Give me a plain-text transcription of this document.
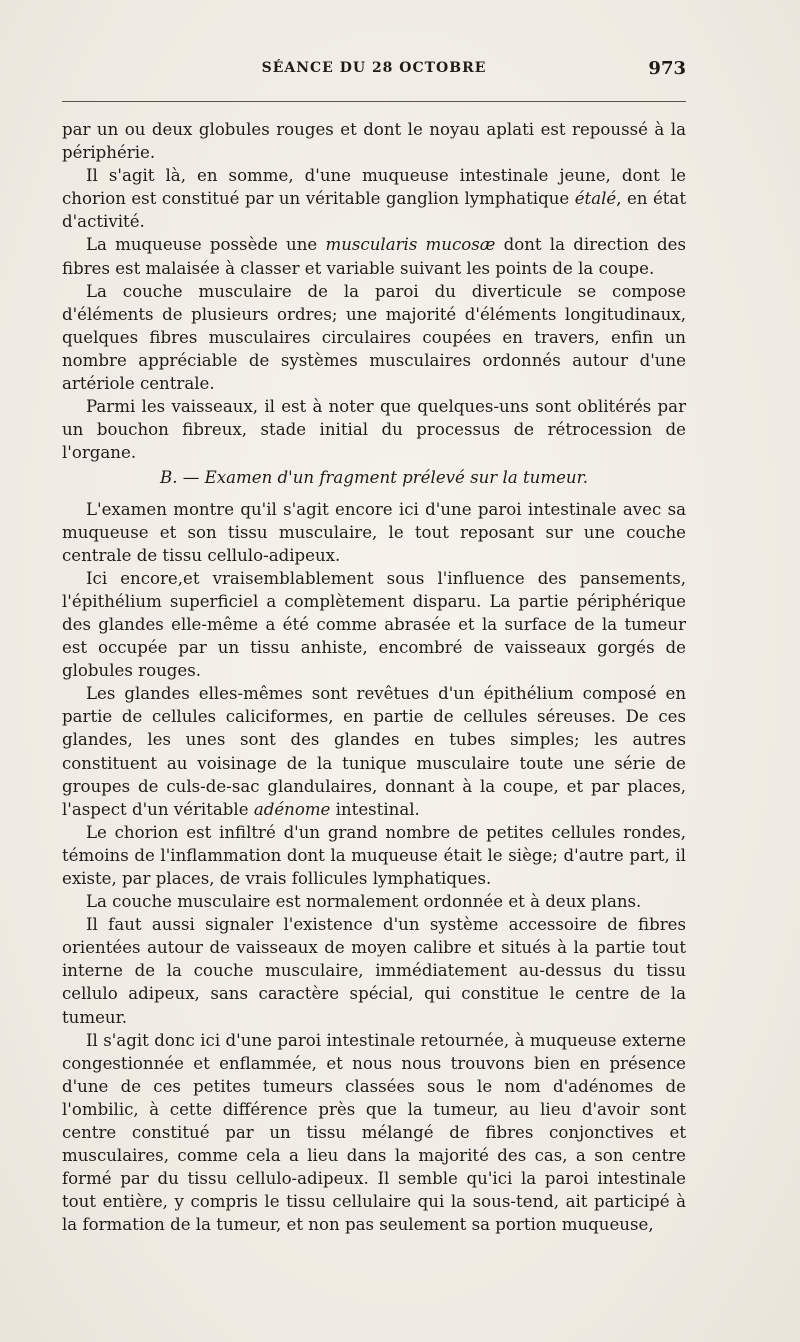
SÉANCE DU 28 OCTOBRE	973

par un ou deux globules rouges et dont le noyau aplati est repoussé à la périphérie.

Il s'agit là, en somme, d'une muqueuse intestinale jeune, dont le chorion est constitué par un véritable ganglion lymphatique étalé, en état d'activité.

La muqueuse possède une muscularis mucosæ dont la direction des fibres est malaisée à classer et variable suivant les points de la coupe.

La couche musculaire de la paroi du diverticule se compose d'éléments de plusieurs ordres; une majorité d'éléments longitudinaux, quelques fibres musculaires circulaires coupées en travers, enfin un nombre appréciable de systèmes musculaires ordonnés autour d'une artériole centrale.

Parmi les vaisseaux, il est à noter que quelques-uns sont oblitérés par un bouchon fibreux, stade initial du processus de rétrocession de l'organe.

B. — Examen d'un fragment prélevé sur la tumeur.

L'examen montre qu'il s'agit encore ici d'une paroi intestinale avec sa muqueuse et son tissu musculaire, le tout reposant sur une couche centrale de tissu cellulo-adipeux.

Ici encore,et vraisemblablement sous l'influence des pansements, l'épithélium superficiel a complètement disparu. La partie périphérique des glandes elle-même a été comme abrasée et la surface de la tumeur est occupée par un tissu anhiste, encombré de vaisseaux gorgés de globules rouges.

Les glandes elles-mêmes sont revêtues d'un épithélium composé en partie de cellules caliciformes, en partie de cellules séreuses. De ces glandes, les unes sont des glandes en tubes simples; les autres constituent au voisinage de la tunique musculaire toute une série de groupes de culs-de-sac glandulaires, donnant à la coupe, et par places, l'aspect d'un véritable adénome intestinal.

Le chorion est infiltré d'un grand nombre de petites cellules rondes, témoins de l'inflammation dont la muqueuse était le siège; d'autre part, il existe, par places, de vrais follicules lymphatiques.

La couche musculaire est normalement ordonnée et à deux plans.

Il faut aussi signaler l'existence d'un système accessoire de fibres orientées autour de vaisseaux de moyen calibre et situés à la partie tout interne de la couche musculaire, immédiatement au-dessus du tissu cellulo adipeux, sans caractère spécial, qui constitue le centre de la tumeur.

Il s'agit donc ici d'une paroi intestinale retournée, à muqueuse externe congestionnée et enflammée, et nous nous trouvons bien en présence d'une de ces petites tumeurs classées sous le nom d'adénomes de l'ombilic, à cette différence près que la tumeur, au lieu d'avoir sont centre constitué par un tissu mélangé de fibres conjonctives et musculaires, comme cela a lieu dans la majorité des cas, a son centre formé par du tissu cellulo-adipeux. Il semble qu'ici la paroi intestinale tout entière, y compris le tissu cellulaire qui la sous-tend, ait participé à la formation de la tumeur, et non pas seulement sa portion muqueuse,
